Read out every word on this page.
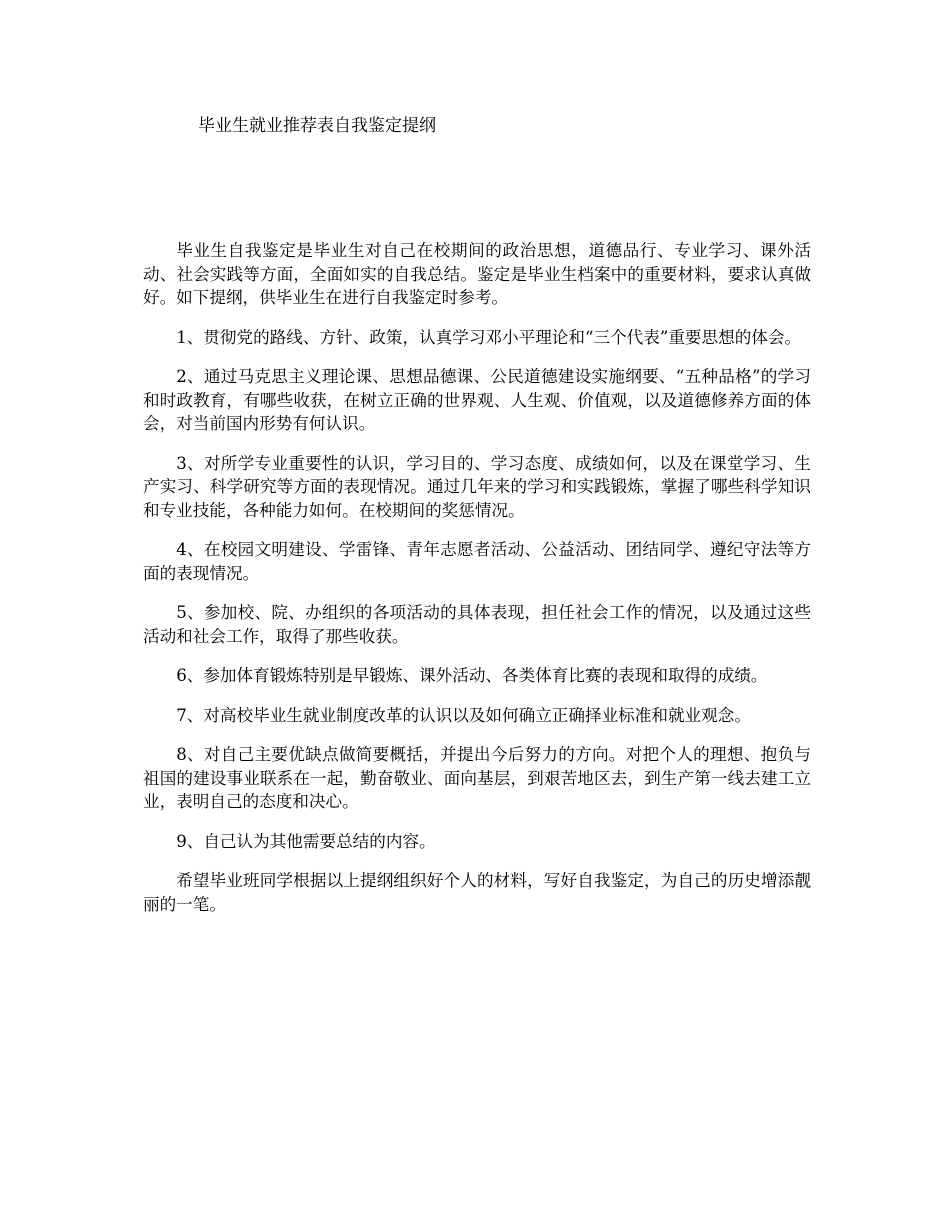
毕业生就业推荐表自我鉴定提纲

毕业生自我鉴定是毕业生对自己在校期间的政治思想，道德品行、专业学习、课外活动、社会实践等方面，全面如实的自我总结。鉴定是毕业生档案中的重要材料，要求认真做好。如下提纲，供毕业生在进行自我鉴定时参考。

1、贯彻党的路线、方针、政策，认真学习邓小平理论和“三个代表”重要思想的体会。

2、通过马克思主义理论课、思想品德课、公民道德建设实施纲要、“五种品格”的学习和时政教育，有哪些收获，在树立正确的世界观、人生观、价值观，以及道德修养方面的体会，对当前国内形势有何认识。

3、对所学专业重要性的认识，学习目的、学习态度、成绩如何，以及在课堂学习、生产实习、科学研究等方面的表现情况。通过几年来的学习和实践锻炼，掌握了哪些科学知识和专业技能，各种能力如何。在校期间的奖惩情况。

4、在校园文明建设、学雷锋、青年志愿者活动、公益活动、团结同学、遵纪守法等方面的表现情况。

5、参加校、院、办组织的各项活动的具体表现，担任社会工作的情况，以及通过这些活动和社会工作，取得了那些收获。

6、参加体育锻炼特别是早锻炼、课外活动、各类体育比赛的表现和取得的成绩。

7、对高校毕业生就业制度改革的认识以及如何确立正确择业标准和就业观念。

8、对自己主要优缺点做简要概括，并提出今后努力的方向。对把个人的理想、抱负与祖国的建设事业联系在一起，勤奋敬业、面向基层，到艰苦地区去，到生产第一线去建工立业，表明自己的态度和决心。

9、自己认为其他需要总结的内容。

希望毕业班同学根据以上提纲组织好个人的材料，写好自我鉴定，为自己的历史增添靓丽的一笔。
